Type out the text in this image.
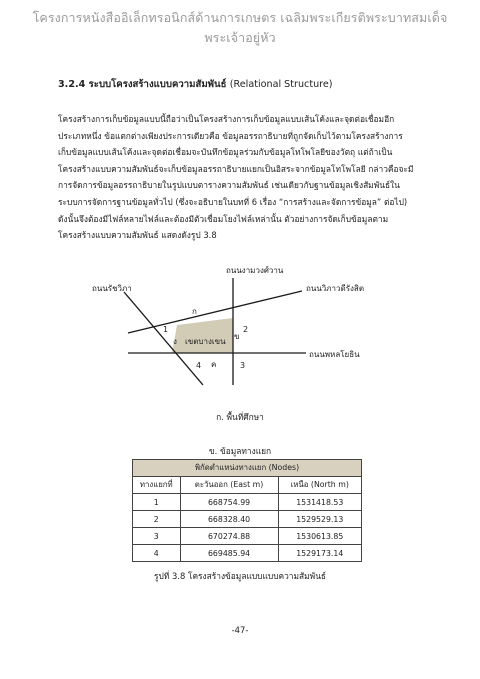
โครงการหนังสืออิเล็กทรอนิกส์ด้านการเกษตร เฉลิมพระเกียรติพระบาทสมเด็จพระเจ้าอยู่หัว
3.2.4 ระบบโครงสร้างแบบความสัมพันธ์ (Relational Structure)
โครงสร้างการเก็บข้อมูลแบบนี้ถือว่าเป็นโครงสร้างการเก็บข้อมูลแบบเส้นโค้งและจุดต่อเชื่อมอีก
ประเภทหนึ่ง ข้อแตกต่างเพียงประการเดียวคือ ข้อมูลอรรถาธิบายที่ถูกจัดเก็บไว้ตามโครงสร้างการ
เก็บข้อมูลแบบเส้นโค้งและจุดต่อเชื่อมจะบันทึกข้อมูลร่วมกับข้อมูลโทโพโลยีของวัตถุ แต่ถ้าเป็น
โครงสร้างแบบความสัมพันธ์จะเก็บข้อมูลอรรถาธิบายแยกเป็นอิสระจากข้อมูลโทโพโลยี กล่าวคือจะมี
การจัดการข้อมูลอรรถาธิบายในรูปแบบตารางความสัมพันธ์ เช่นเดียวกับฐานข้อมูลเชิงสัมพันธ์ใน
ระบบการจัดการฐานข้อมูลทั่วไป (ซึ่งจะอธิบายในบทที่ 6 เรื่อง “การสร้างและจัดการข้อมูล” ต่อไป)
ดังนั้นจึงต้องมีไฟล์หลายไฟล์และต้องมีตัวเชื่อมโยงไฟล์เหล่านั้น ตัวอย่างการจัดเก็บข้อมูลตาม
โครงสร้างแบบความสัมพันธ์ แสดงดังรูป 3.8
ถนนงามวงศ์วาน
ถนนรัชวิภา	ถนนวิภาวดีรังสิต
ถนนพหลโยธิน
ก
ข
ค
ง เขตบางเขน
1	2
3
4
ก. พื้นที่ศึกษา
ข. ข้อมูลทางแยก
พิกัดตำแหน่งทางแยก (Nodes)		
ทางแยกที่	ตะวันออก (East m)	เหนือ (North m)
1	668754.99	1531418.53
2	668328.40	1529529.13
3	670274.88	1530613.85
4	669485.94	1529173.14
รูปที่ 3.8 โครงสร้างข้อมูลแบบแบบความสัมพันธ์
-47-
